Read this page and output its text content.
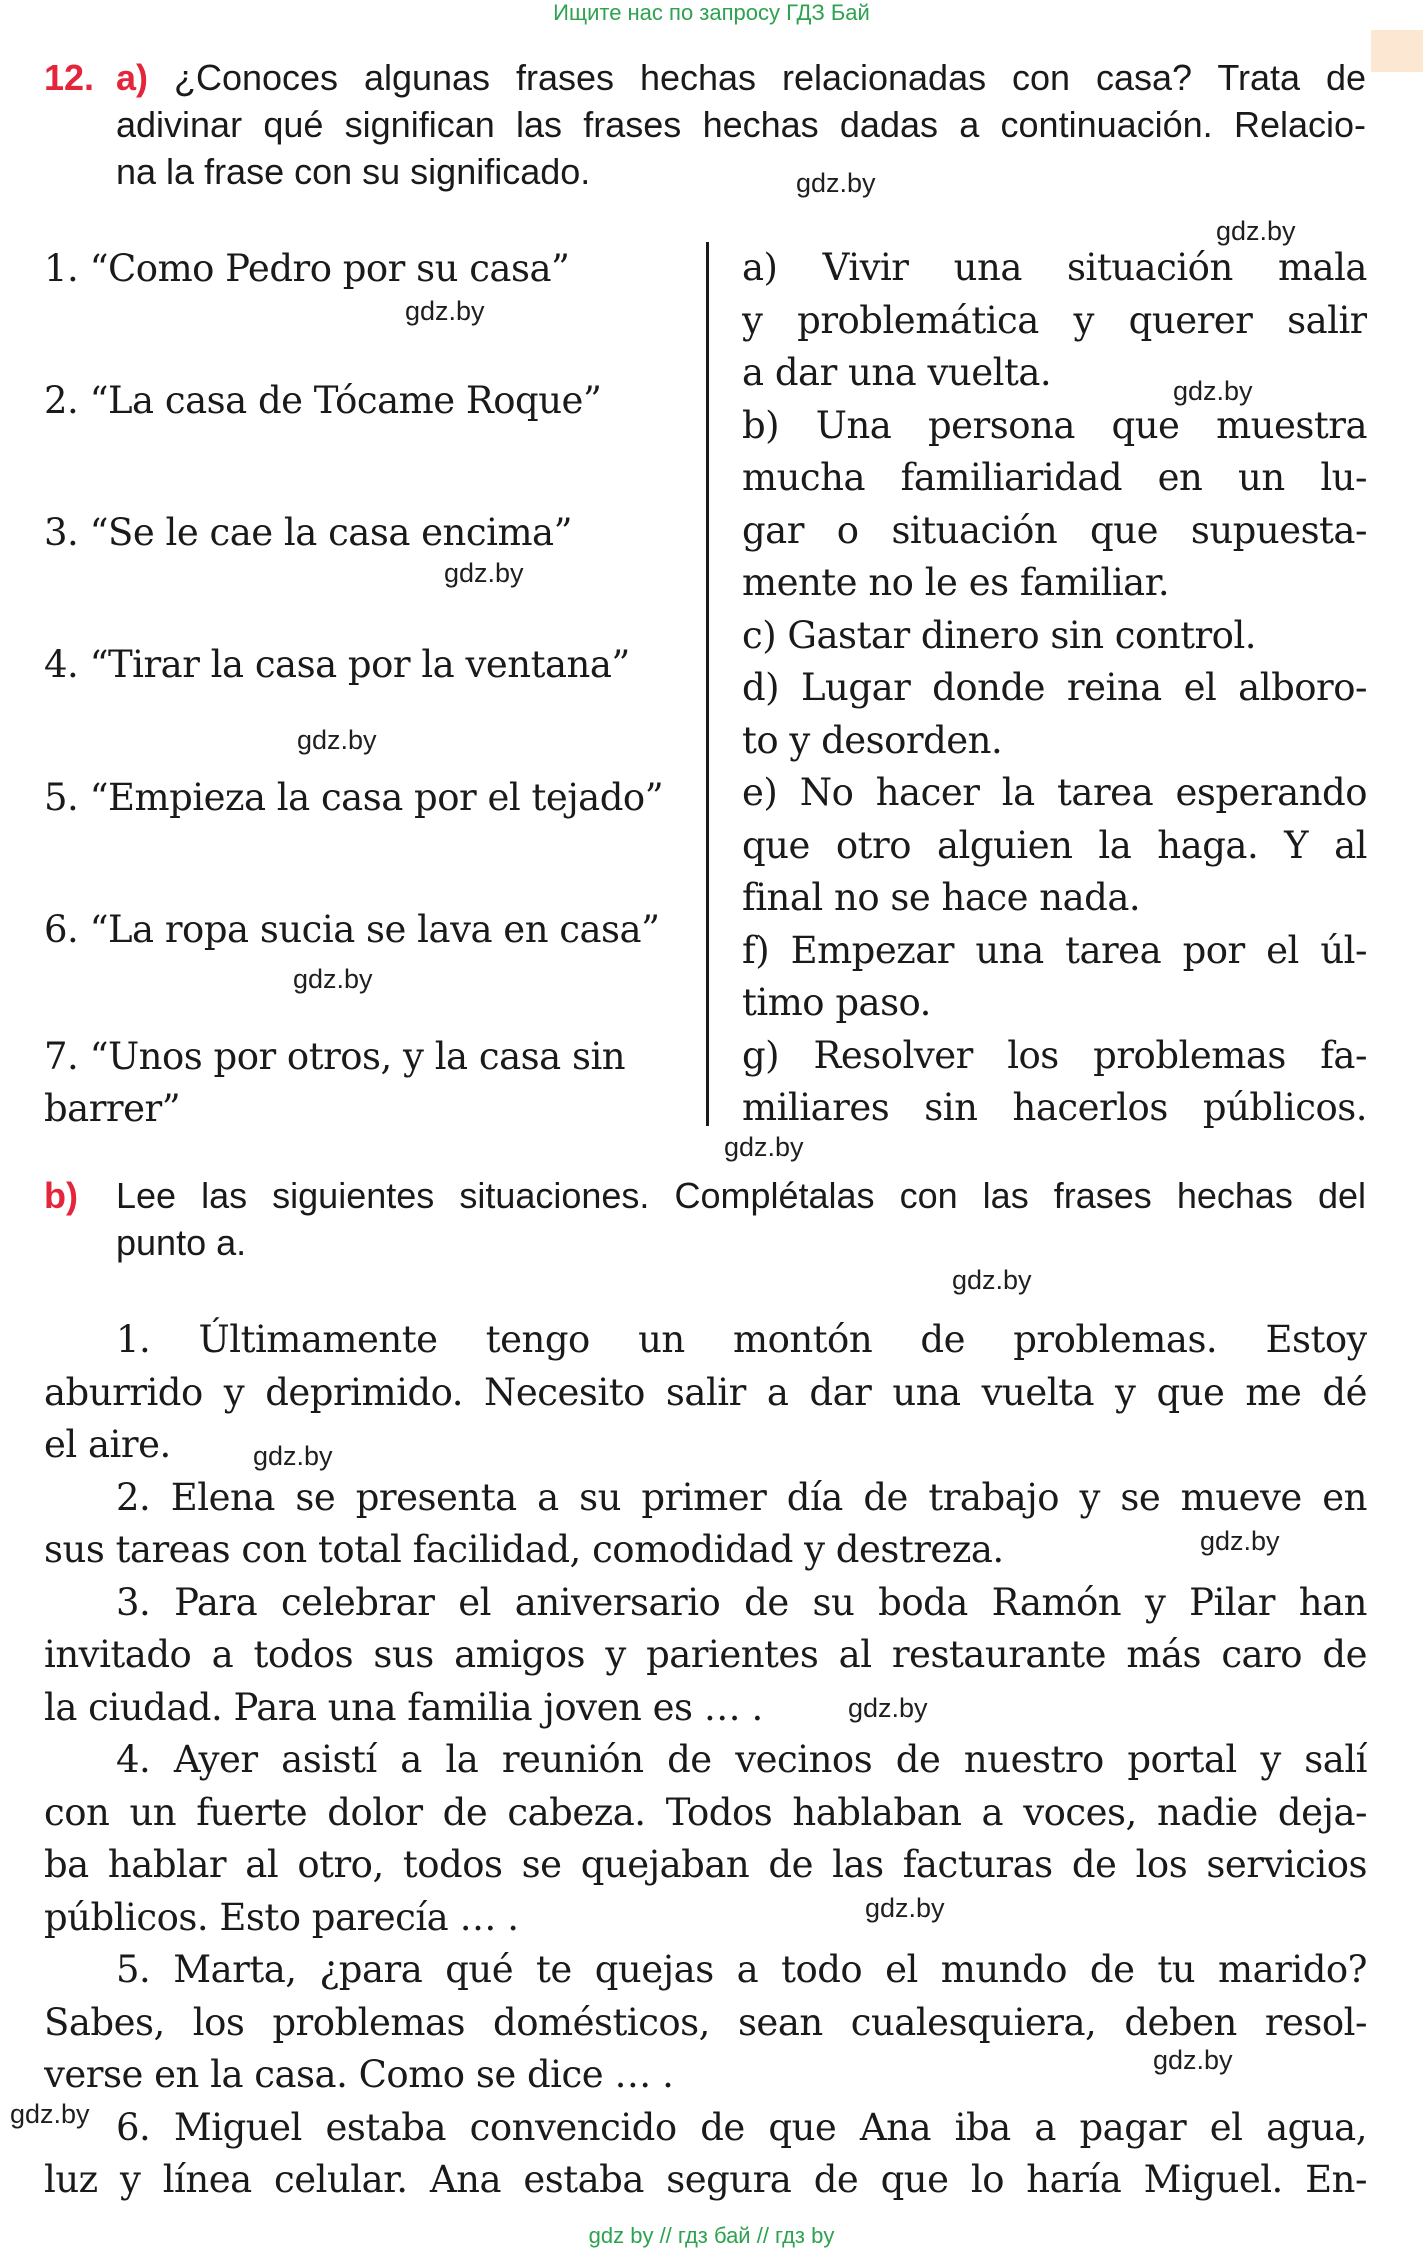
Ищите нас по запросу ГДЗ Бай
12. a) ¿Conoces algunas frases hechas relacionadas con casa? Trata de
adivinar qué significan las frases hechas dadas a continuación. Relacio-
na la frase con su significado.
1. “Como Pedro por su casa”
2. “La casa de Tócame Roque”
3. “Se le cae la casa encima”
4. “Tirar la casa por la ventana”
5. “Empieza la casa por el tejado”
6. “La ropa sucia se lava en casa”
7. “Unos por otros, y la casa sin
barrer”
a) Vivir una situación mala
y problemática y querer salir
a dar una vuelta.
b) Una persona que muestra
mucha familiaridad en un lu-
gar o situación que supuesta-
mente no le es familiar.
c) Gastar dinero sin control.
d) Lugar donde reina el alboro-
to y desorden.
e) No hacer la tarea esperando
que otro alguien la haga. Y al
final no se hace nada.
f) Empezar una tarea por el úl-
timo paso.
g) Resolver los problemas fa-
miliares sin hacerlos públicos.
b) Lee las siguientes situaciones. Complétalas con las frases hechas del
punto a.
1. Últimamente tengo un montón de problemas. Estoy
aburrido y deprimido. Necesito salir a dar una vuelta y que me dé
el aire.
2. Elena se presenta a su primer día de trabajo y se mueve en
sus tareas con total facilidad, comodidad y destreza.
3. Para celebrar el aniversario de su boda Ramón y Pilar han
invitado a todos sus amigos y parientes al restaurante más caro de
la ciudad. Para una familia joven es … .
4. Ayer asistí a la reunión de vecinos de nuestro portal y salí
con un fuerte dolor de cabeza. Todos hablaban a voces, nadie deja-
ba hablar al otro, todos se quejaban de las facturas de los servicios
públicos. Esto parecía … .
5. Marta, ¿para qué te quejas a todo el mundo de tu marido?
Sabes, los problemas domésticos, sean cualesquiera, deben resol-
verse en la casa. Como se dice … .
6. Miguel estaba convencido de que Ana iba a pagar el agua,
luz y línea celular. Ana estaba segura de que lo haría Miguel. En-
gdz.by
gdz.by
gdz.by
gdz.by
gdz.by
gdz.by
gdz.by
gdz.by
gdz.by
gdz.by
gdz.by
gdz.by
gdz.by
gdz.by
gdz.by
gdz by // гдз бай // гдз by
